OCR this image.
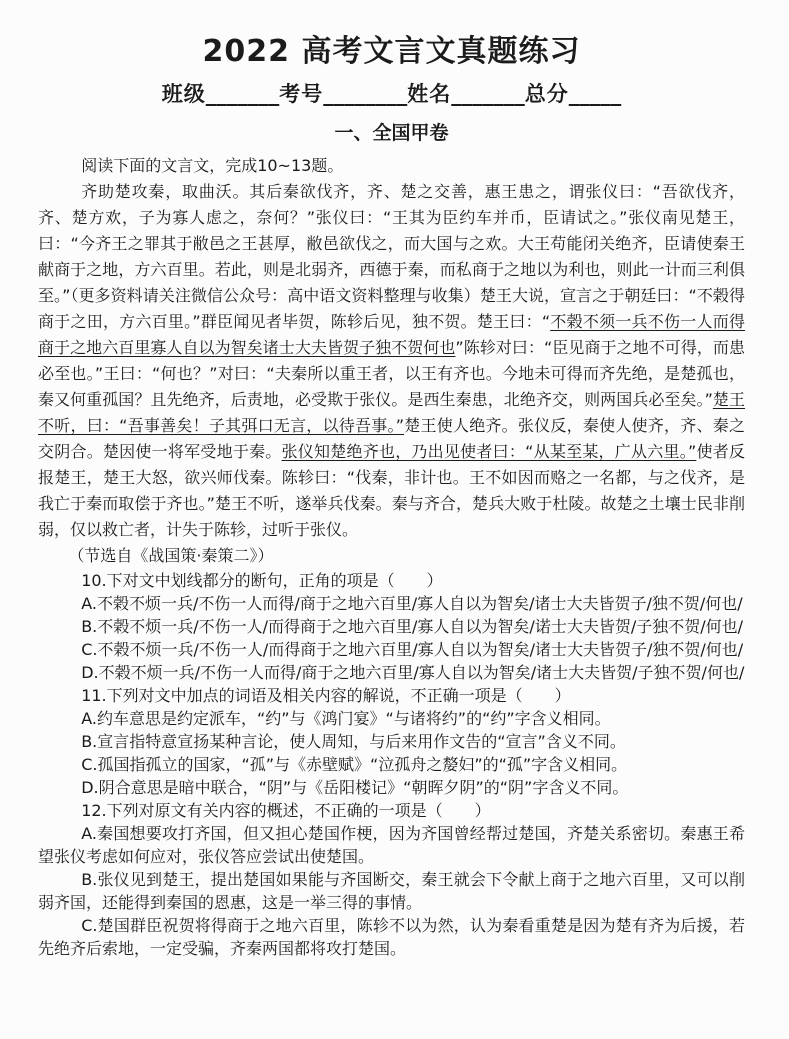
2022 高考文言文真题练习
班级_______考号________姓名_______总分_____
一、全国甲卷

阅读下面的文言文，完成10~13题。

齐助楚攻秦，取曲沃。其后秦欲伐齐，齐、楚之交善，惠王患之，谓张仪曰：“吾欲伐齐，齐、楚方欢，子为寡人虑之，奈何？”张仪曰：“王其为臣约车并币，臣请试之。”张仪南见楚王，曰：“今齐王之罪其于敝邑之王甚厚，敝邑欲伐之，而大国与之欢。大王苟能闭关绝齐，臣请使秦王献商于之地，方六百里。若此，则是北弱齐，西德于秦，而私商于之地以为利也，则此一计而三利俱至。”（更多资料请关注微信公众号：高中语文资料整理与收集）楚王大说，宣言之于朝廷曰：“不榖得商于之田，方六百里。”群臣闻见者毕贺，陈轸后见，独不贺。楚王曰：“不榖不须一兵不伤一人而得商于之地六百里寡人自以为智矣诸士大夫皆贺子独不贺何也”陈轸对曰：“臣见商于之地不可得，而患必至也。”王曰：“何也？”对曰：“夫秦所以重王者，以王有齐也。今地未可得而齐先绝，是楚孤也，秦又何重孤国？且先绝齐，后责地，必受欺于张仪。是西生秦患，北绝齐交，则两国兵必至矣。”楚王不听，曰：“吾事善矣！子其弭口无言，以待吾事。”楚王使人绝齐。张仪反，秦使人使齐，齐、秦之交阴合。楚因使一将军受地于秦。张仪知楚绝齐也，乃出见使者曰：“从某至某，广从六里。”使者反报楚王，楚王大怒，欲兴师伐秦。陈轸曰：“伐秦，非计也。王不如因而赂之一名都，与之伐齐，是我亡于秦而取偿于齐也。”楚王不听，遂举兵伐秦。秦与齐合，楚兵大败于杜陵。故楚之土壤士民非削弱，仅以救亡者，计失于陈轸，过听于张仪。

（节选自《战国策·秦策二》）

10.下对文中划线都分的断句，正角的项是（　　）

A.不榖不烦一兵/不伤一人而得/商于之地六百里/寡人自以为智矣/诸士大夫皆贺子/独不贺/何也/

B.不榖不烦一兵/不伤一人/而得商于之地六百里/寡人自以为智矣/诺士大夫皆贺/子独不贺/何也/

C.不榖不烦一兵/不伤一人/而得商于之地六百里/寡人自以为智矣/诸士大夫皆贺子/独不贺/何也/

D.不榖不烦一兵/不伤一人而得/商于之地六百里/寡人自以为智矣/诸士大夫皆贺/子独不贺/何也/

11.下列对文中加点的词语及相关内容的解说，不正确一项是（　　）

A.约车意思是约定派车，“约”与《鸿门宴》“与诸将约”的“约”字含义相同。

B.宣言指特意宣扬某种言论，使人周知，与后来用作文告的“宣言”含义不同。

C.孤国指孤立的国家，“孤”与《赤壁赋》“泣孤舟之嫠妇”的“孤”字含义相同。

D.阴合意思是暗中联合，“阴”与《岳阳楼记》“朝晖夕阴”的“阴”字含义不同。

12.下列对原文有关内容的概述，不正确的一项是（　　）

A.秦国想要攻打齐国，但又担心楚国作梗，因为齐国曾经帮过楚国，齐楚关系密切。秦惠王希望张仪考虑如何应对，张仪答应尝试出使楚国。

B.张仪见到楚王，提出楚国如果能与齐国断交，秦王就会下令献上商于之地六百里，又可以削弱齐国，还能得到秦国的恩惠，这是一举三得的事情。

C.楚国群臣祝贺将得商于之地六百里，陈轸不以为然，认为秦看重楚是因为楚有齐为后援，若先绝齐后索地，一定受骗，齐秦两国都将攻打楚国。
